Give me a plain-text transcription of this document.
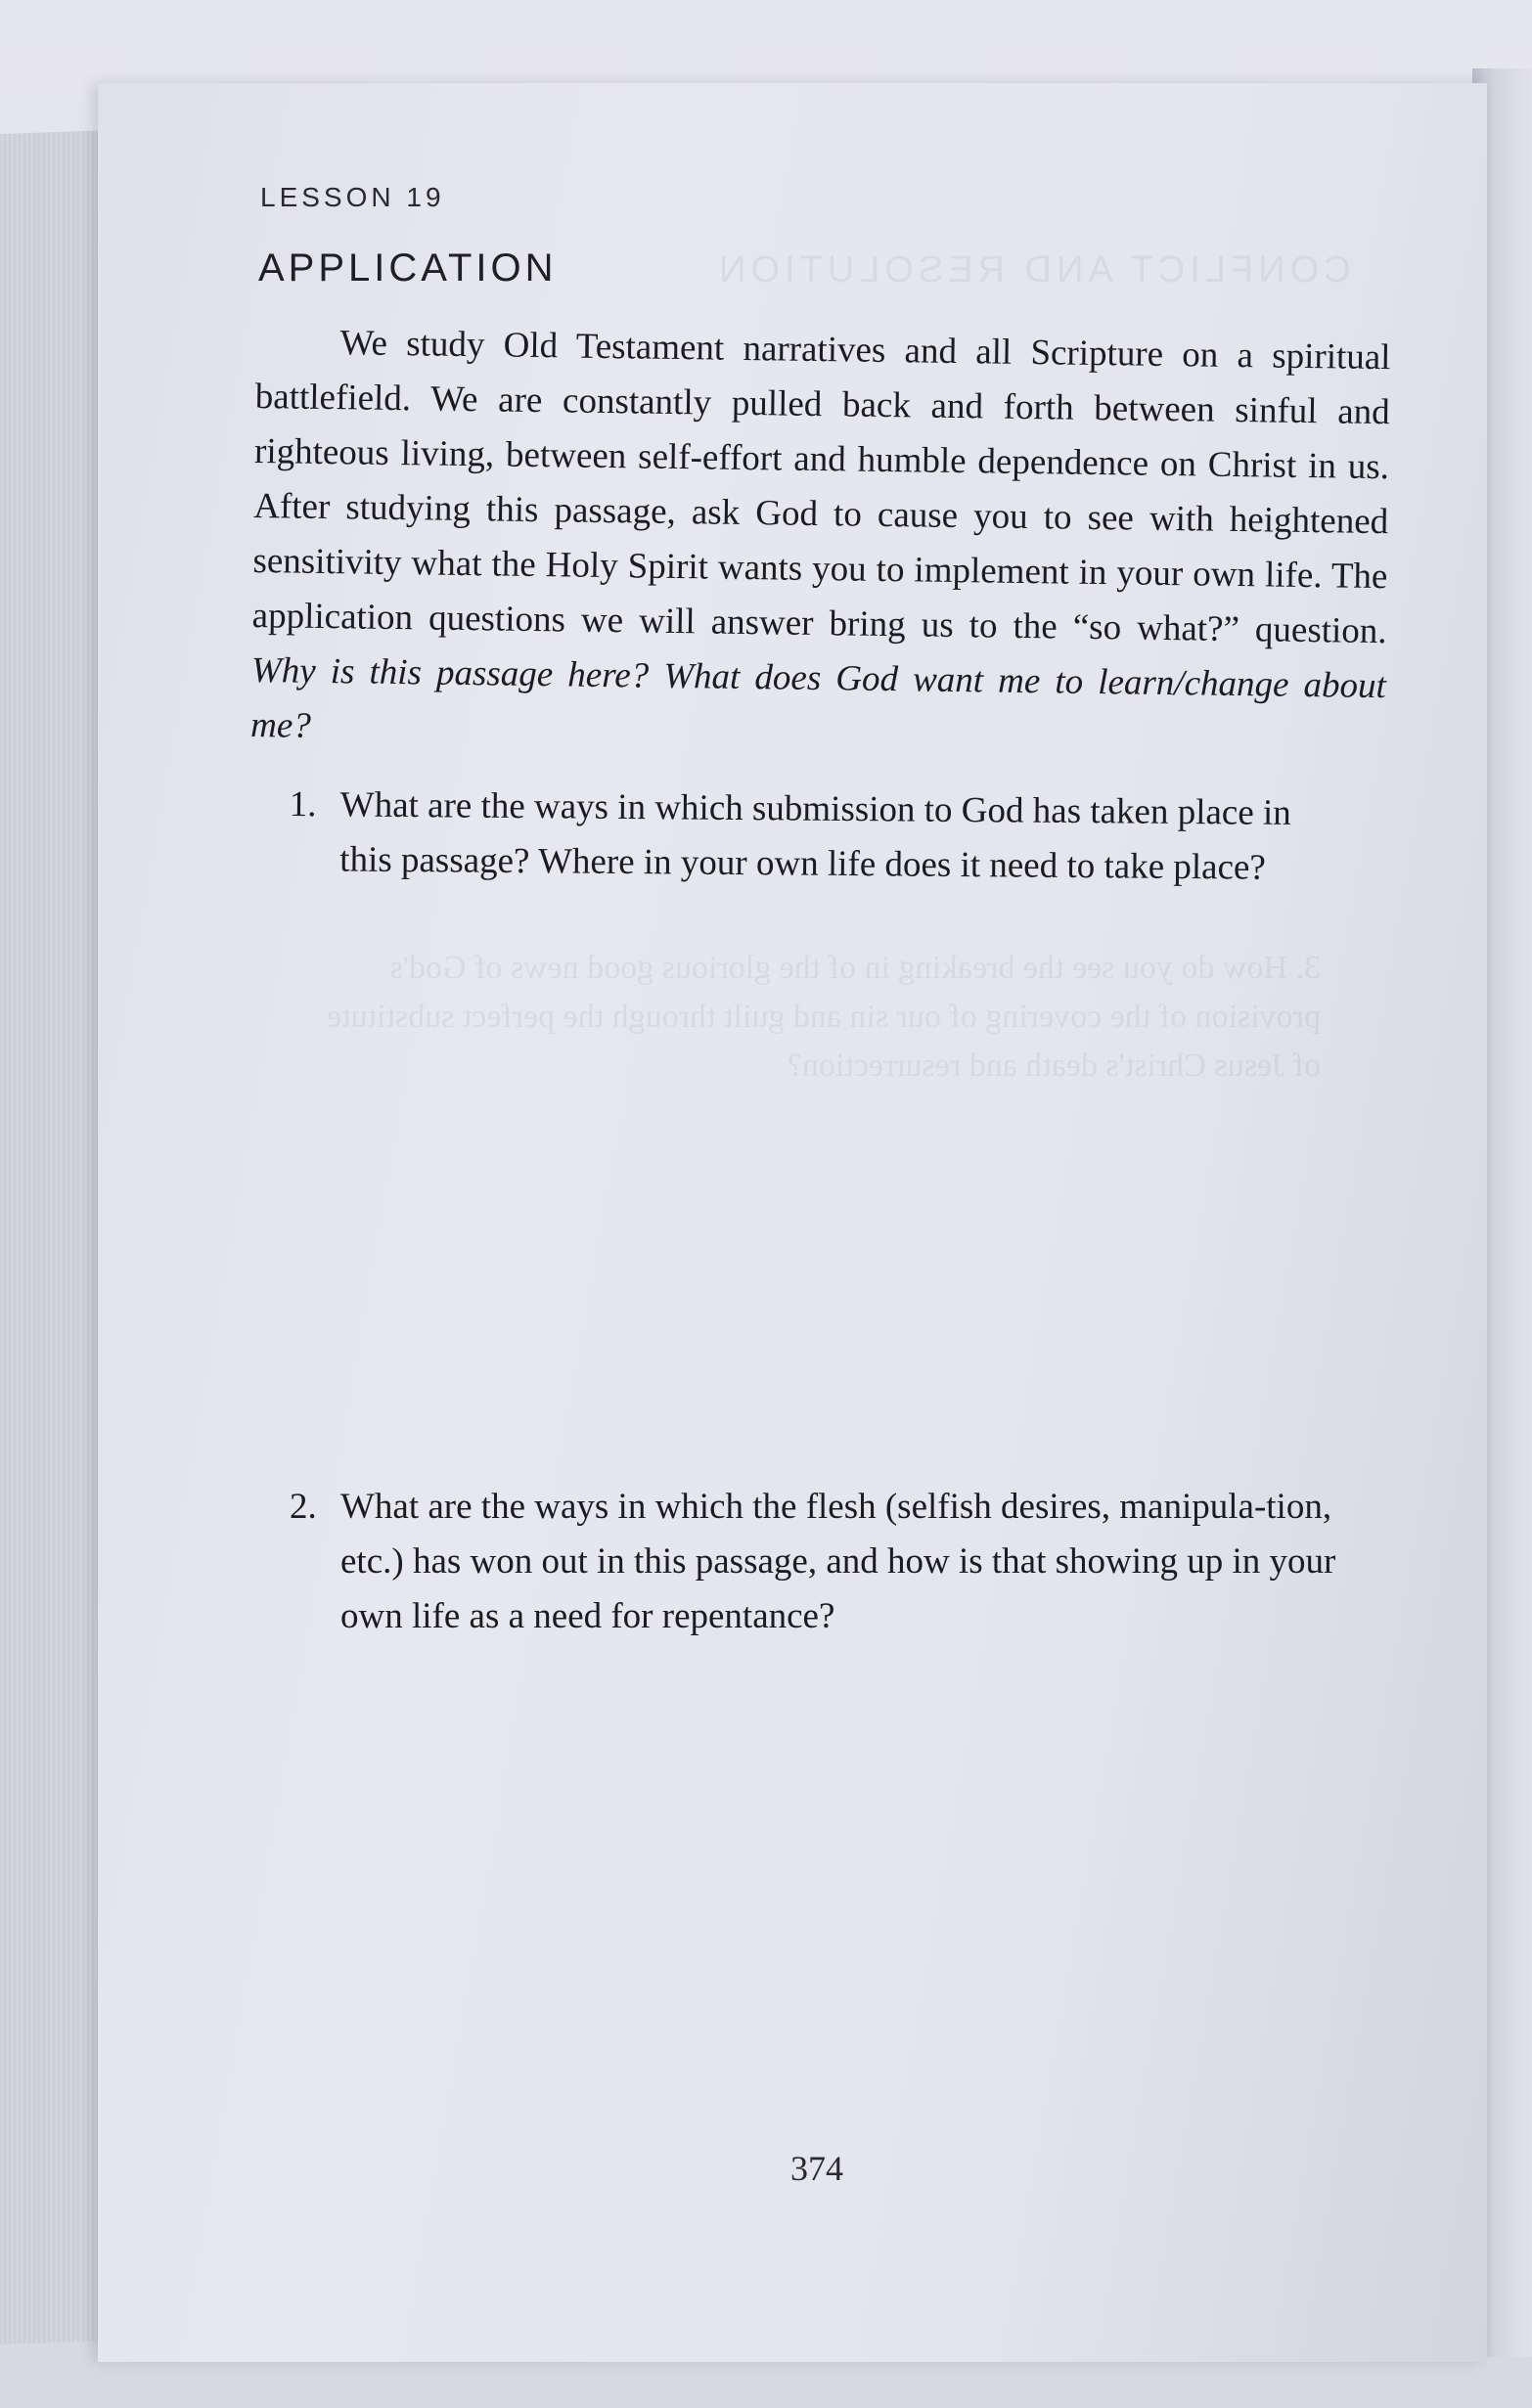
CONFLICT AND RESOLUTION
3. How do you see the breaking in of the glorious good news of God's provision of the covering of our sin and guilt through the perfect substitute of Jesus Christ's death and resurrection?
LESSON 19
APPLICATION
We study Old Testament narratives and all Scripture on a spiritual battlefield. We are constantly pulled back and forth between sinful and righteous living, between self-effort and humble dependence on Christ in us. After studying this passage, ask God to cause you to see with heightened sensitivity what the Holy Spirit wants you to implement in your own life. The application questions we will answer bring us to the “so what?” question. Why is this passage here? What does God want me to learn/change about me?
1. What are the ways in which submission to God has taken place in this passage? Where in your own life does it need to take place?
2. What are the ways in which the flesh (selfish desires, manipula-tion, etc.) has won out in this passage, and how is that showing up in your own life as a need for repentance?
374
